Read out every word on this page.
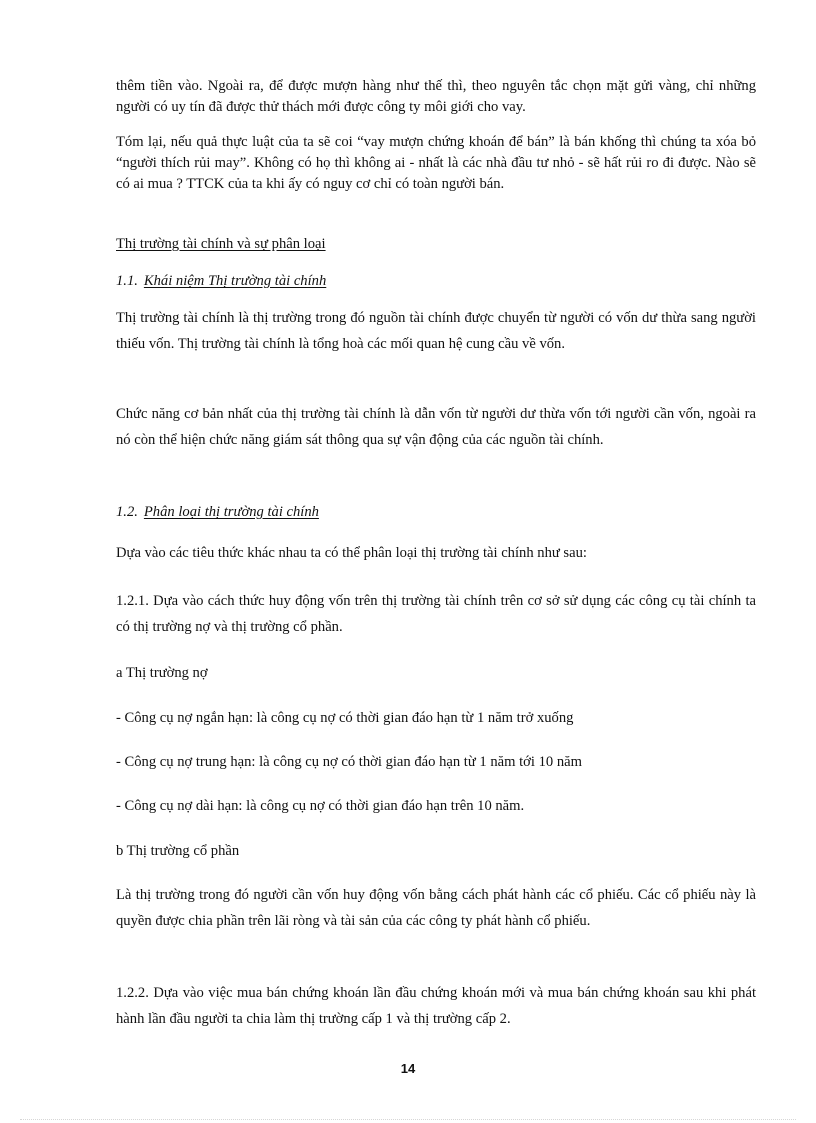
thêm tiền vào. Ngoài ra, để được mượn hàng như thế thì, theo nguyên tắc chọn mặt gửi vàng, chỉ những người có uy tín đã được thử thách mới được công ty môi giới cho vay.

Tóm lại, nếu quả thực luật của ta sẽ coi “vay mượn chứng khoán để bán” là bán khống thì chúng ta xóa bỏ “người thích rủi may”. Không có họ thì không ai - nhất là các nhà đầu tư nhỏ - sẽ hất rủi ro đi được. Nào sẽ có ai mua ? TTCK của ta khi ấy có nguy cơ chỉ có toàn người bán.

Thị trường tài chính và sự phân loại

1.1. Khái niệm Thị trường tài chính

Thị trường tài chính là thị trường trong đó nguồn tài chính được chuyển từ người có vốn dư thừa sang người thiếu vốn. Thị trường tài chính là tổng hoà các mối quan hệ cung cầu về vốn.

Chức năng cơ bản nhất của thị trường tài chính là dẫn vốn từ người dư thừa vốn tới người cần vốn, ngoài ra nó còn thể hiện chức năng giám sát thông qua sự vận động của các nguồn tài chính.

1.2. Phân loại thị trường tài chính

Dựa vào các tiêu thức khác nhau ta có thể phân loại thị trường tài chính như sau:

1.2.1. Dựa vào cách thức huy động vốn trên thị trường tài chính trên cơ sở sử dụng các công cụ tài chính ta có thị trường nợ và thị trường cổ phần.

a Thị trường nợ

- Công cụ nợ ngắn hạn: là công cụ nợ có thời gian đáo hạn từ 1 năm trở xuống

- Công cụ nợ trung hạn: là công cụ nợ có thời gian đáo hạn từ 1 năm tới 10 năm

- Công cụ nợ dài hạn: là công cụ nợ có thời gian đáo hạn trên 10 năm.

b Thị trường cổ phần

Là thị trường trong đó người cần vốn huy động vốn bằng cách phát hành các cổ phiếu. Các cổ phiếu này là quyền được chia phần trên lãi ròng và tài sản của các công ty phát hành cổ phiếu.

1.2.2. Dựa vào việc mua bán chứng khoán lần đầu chứng khoán mới và mua bán chứng khoán sau khi phát hành lần đầu người ta chia làm thị trường cấp 1 và thị trường cấp 2.

14
